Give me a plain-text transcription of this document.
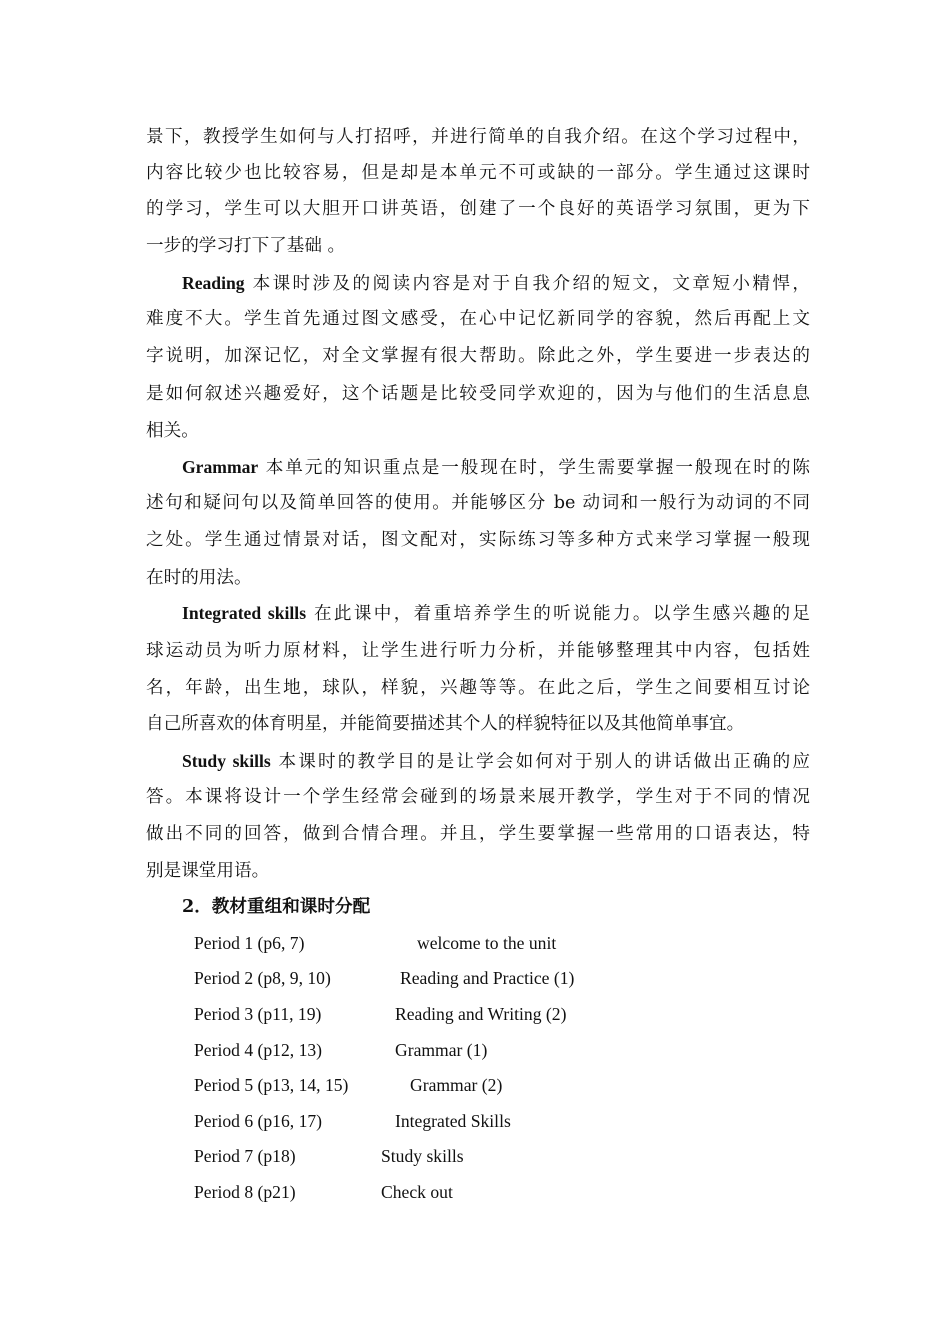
景下，教授学生如何与人打招呼，并进行简单的自我介绍。在这个学习过程中，
内容比较少也比较容易，但是却是本单元不可或缺的一部分。学生通过这课时
的学习，学生可以大胆开口讲英语，创建了一个良好的英语学习氛围，更为下
一步的学习打下了基础 。
Reading 本课时涉及的阅读内容是对于自我介绍的短文，文章短小精悍，
难度不大。学生首先通过图文感受，在心中记忆新同学的容貌，然后再配上文
字说明，加深记忆，对全文掌握有很大帮助。除此之外，学生要进一步表达的
是如何叙述兴趣爱好，这个话题是比较受同学欢迎的，因为与他们的生活息息
相关。
Grammar 本单元的知识重点是一般现在时，学生需要掌握一般现在时的陈
述句和疑问句以及简单回答的使用。并能够区分 be 动词和一般行为动词的不同
之处。学生通过情景对话，图文配对，实际练习等多种方式来学习掌握一般现
在时的用法。
Integrated skills 在此课中，着重培养学生的听说能力。以学生感兴趣的足
球运动员为听力原材料，让学生进行听力分析，并能够整理其中内容，包括姓
名，年龄，出生地，球队，样貌，兴趣等等。在此之后，学生之间要相互讨论
自己所喜欢的体育明星，并能简要描述其个人的样貌特征以及其他简单事宜。
Study skills 本课时的教学目的是让学会如何对于别人的讲话做出正确的应
答。本课将设计一个学生经常会碰到的场景来展开教学，学生对于不同的情况
做出不同的回答，做到合情合理。并且，学生要掌握一些常用的口语表达，特
别是课堂用语。
2．教材重组和课时分配
Period 1 (p6, 7)	welcome to the unit
Period 2 (p8, 9, 10)	Reading and Practice (1)
Period 3 (p11, 19)	Reading and Writing (2)
Period 4 (p12, 13)	Grammar (1)
Period 5 (p13, 14, 15)	Grammar (2)
Period 6 (p16, 17)	Integrated Skills
Period 7 (p18)	Study skills
Period 8 (p21)	Check out
